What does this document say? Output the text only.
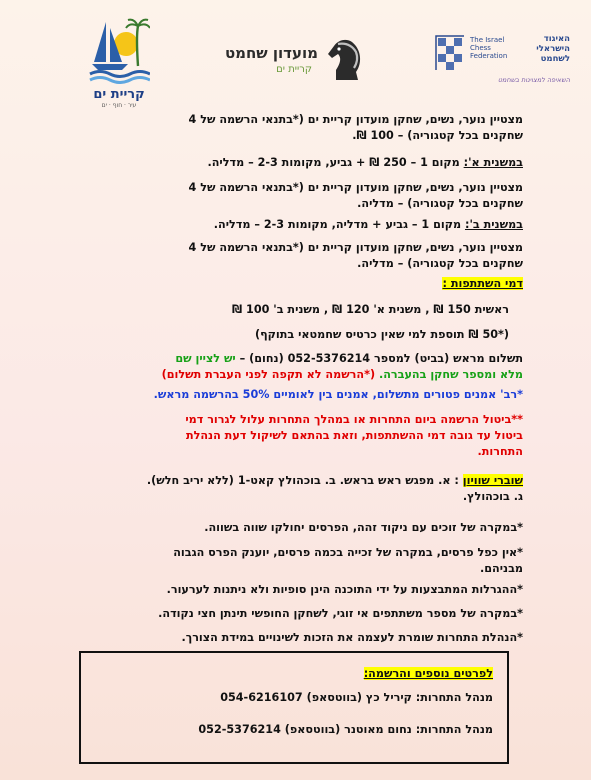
קריית ים
עיר · חוף · ים
מועדון שחמט
קריית ים
The Israel
Chess
Federation
האיגוד
הישראלי
לשחמט
השאיפה למצוינות בשחמט
מצטיין נוער, נשים, שחקן מועדון קריית ים (*בתנאי הרשמה של 4
שחקנים בכל קטגוריה) – 100 ₪.
במשנית א': מקום 1 – 250 ₪ + גביע, מקומות 2-3 – מדליה.
מצטיין נוער, נשים, שחקן מועדון קריית ים (*בתנאי הרשמה של 4
שחקנים בכל קטגוריה) – מדליה.
במשנית ב': מקום 1 – גביע + מדליה, מקומות 2-3 – מדליה.
מצטיין נוער, נשים, שחקן מועדון קריית ים (*בתנאי הרשמה של 4
שחקנים בכל קטגוריה) – מדליה.
דמי השתתפות :
ראשית 150 ₪ , משנית א' 120 ₪ , משנית ב' 100 ₪
(*50 ₪ תוספת למי שאין כרטיס שחמטאי בתוקף)
תשלום מראש (בביט) למספר 052-5376214 (נחום) – יש לציין שם
מלא ומספר שחקן בהעברה. (*הרשמה לא תקפה לפני העברת תשלום)
*רב' אמנים פטורים מתשלום, אמנים בין לאומיים 50% בהרשמה מראש.
**ביטול הרשמה ביום התחרות או במהלך התחרות עלול לגרור דמי
ביטול עד גובה דמי ההשתתפות, וזאת בהתאם לשיקול דעת הנהלת
התחרות.
שוברי שוויון : א. מפגש ראש בראש. ב. בוכהולץ קאט-1 (ללא יריב חלש).
ג. בוכהולץ.
*במקרה של זוכים עם ניקוד זהה, הפרסים יחולקו שווה בשווה.
*אין כפל פרסים, במקרה של זכייה בכמה פרסים, יוענק הפרס הגבוה
מבניהם.
*ההגרלות המתבצעות על ידי התוכנה הינן סופיות ולא ניתנות לערעור.
*במקרה של מספר משתתפים אי זוגי, לשחקן החופשי תינתן חצי נקודה.
*הנהלת התחרות שומרת לעצמה את הזכות לשינויים במידת הצורך.
לפרטים נוספים והרשמה:
מנהל התחרות: קיריל כץ (בווטסאפ) 054-6216107
מנהל התחרות: נחום מאוטנר (בווטסאפ) 052-5376214
